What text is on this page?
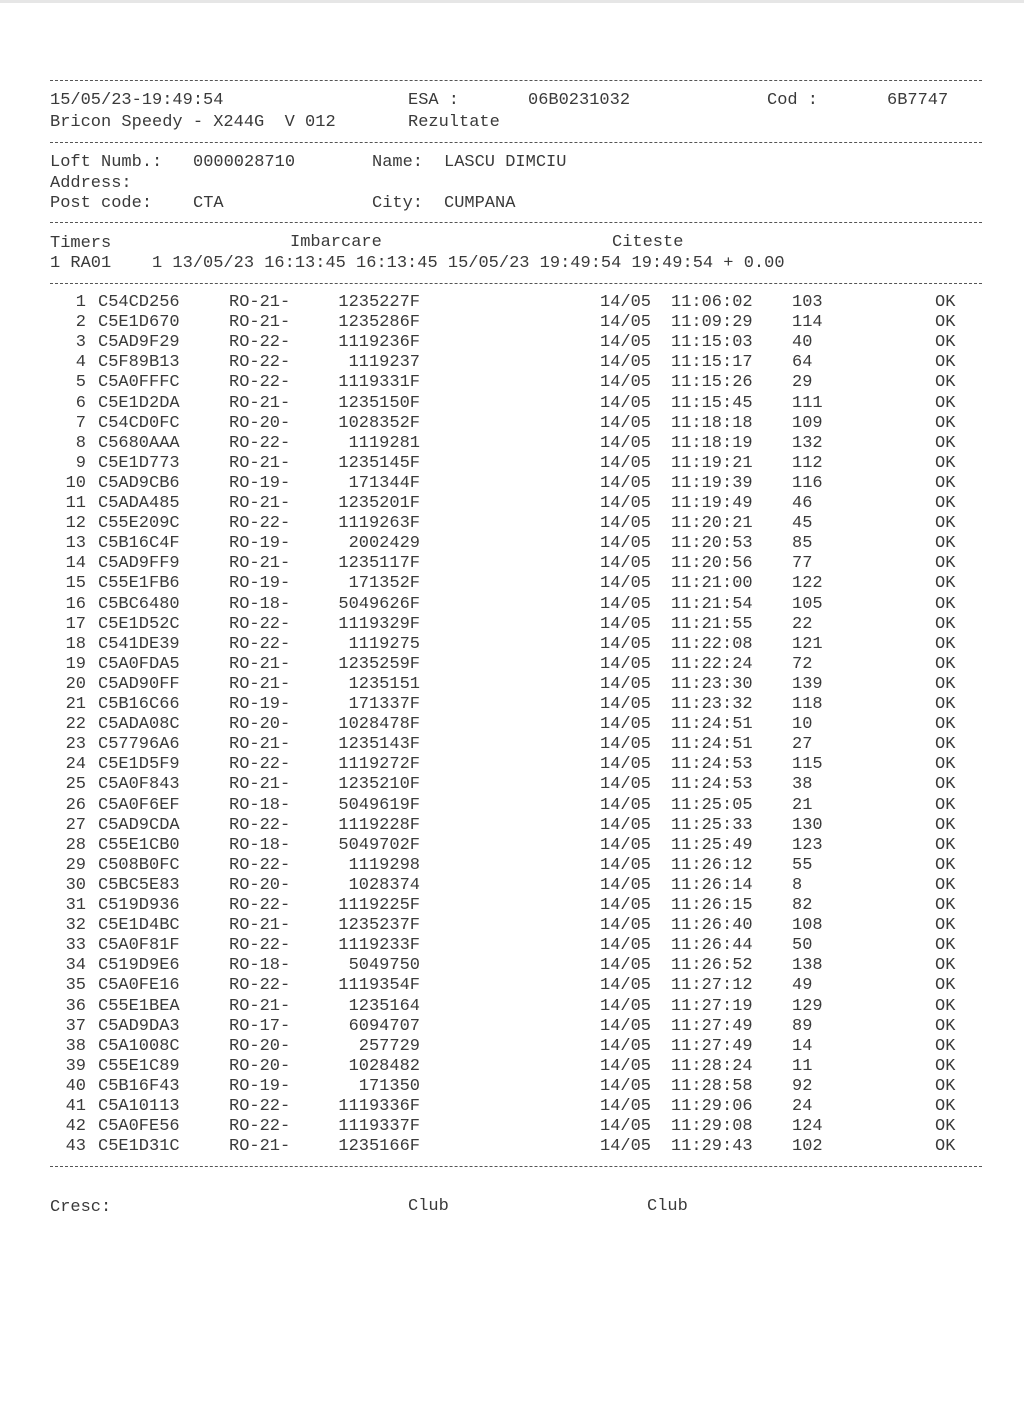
15/05/23-19:49:54	ESA :	06B0231032	Cod :	6B7747
Bricon Speedy - X244G  V 012	Rezultate
Loft Numb.: 0000028710	Name: LASCU DIMCIU
Address:
Post code: CTA	City: CUMPANA
Timers	Imbarcare	Citeste
1 RA01    1 13/05/23 16:13:45 16:13:45 15/05/23 19:49:54 19:49:54 + 0.00
1 C54CD256	RO-21-	1235227F	14/05 11:06:02 103	OK
2 C5E1D670	RO-21-	1235286F	14/05 11:09:29 114	OK
3 C5AD9F29	RO-22-	1119236F	14/05 11:15:03 40	OK
4 C5F89B13	RO-22-	1119237	14/05 11:15:17 64	OK
5 C5A0FFFC	RO-22-	1119331F	14/05 11:15:26 29	OK
6 C5E1D2DA	RO-21-	1235150F	14/05 11:15:45 111	OK
7 C54CD0FC	RO-20-	1028352F	14/05 11:18:18 109	OK
8 C5680AAA	RO-22-	1119281	14/05 11:18:19 132	OK
9 C5E1D773	RO-21-	1235145F	14/05 11:19:21 112	OK
10 C5AD9CB6	RO-19-	171344F	14/05 11:19:39 116	OK
11 C5ADA485	RO-21-	1235201F	14/05 11:19:49 46	OK
12 C55E209C	RO-22-	1119263F	14/05 11:20:21 45	OK
13 C5B16C4F	RO-19-	2002429	14/05 11:20:53 85	OK
14 C5AD9FF9	RO-21-	1235117F	14/05 11:20:56 77	OK
15 C55E1FB6	RO-19-	171352F	14/05 11:21:00 122	OK
16 C5BC6480	RO-18-	5049626F	14/05 11:21:54 105	OK
17 C5E1D52C	RO-22-	1119329F	14/05 11:21:55 22	OK
18 C541DE39	RO-22-	1119275	14/05 11:22:08 121	OK
19 C5A0FDA5	RO-21-	1235259F	14/05 11:22:24 72	OK
20 C5AD90FF	RO-21-	1235151	14/05 11:23:30 139	OK
21 C5B16C66	RO-19-	171337F	14/05 11:23:32 118	OK
22 C5ADA08C	RO-20-	1028478F	14/05 11:24:51 10	OK
23 C57796A6	RO-21-	1235143F	14/05 11:24:51 27	OK
24 C5E1D5F9	RO-22-	1119272F	14/05 11:24:53 115	OK
25 C5A0F843	RO-21-	1235210F	14/05 11:24:53 38	OK
26 C5A0F6EF	RO-18-	5049619F	14/05 11:25:05 21	OK
27 C5AD9CDA	RO-22-	1119228F	14/05 11:25:33 130	OK
28 C55E1CB0	RO-18-	5049702F	14/05 11:25:49 123	OK
29 C508B0FC	RO-22-	1119298	14/05 11:26:12 55	OK
30 C5BC5E83	RO-20-	1028374	14/05 11:26:14 8	OK
31 C519D936	RO-22-	1119225F	14/05 11:26:15 82	OK
32 C5E1D4BC	RO-21-	1235237F	14/05 11:26:40 108	OK
33 C5A0F81F	RO-22-	1119233F	14/05 11:26:44 50	OK
34 C519D9E6	RO-18-	5049750	14/05 11:26:52 138	OK
35 C5A0FE16	RO-22-	1119354F	14/05 11:27:12 49	OK
36 C55E1BEA	RO-21-	1235164	14/05 11:27:19 129	OK
37 C5AD9DA3	RO-17-	6094707	14/05 11:27:49 89	OK
38 C5A1008C	RO-20-	257729	14/05 11:27:49 14	OK
39 C55E1C89	RO-20-	1028482	14/05 11:28:24 11	OK
40 C5B16F43	RO-19-	171350	14/05 11:28:58 92	OK
41 C5A10113	RO-22-	1119336F	14/05 11:29:06 24	OK
42 C5A0FE56	RO-22-	1119337F	14/05 11:29:08 124	OK
43 C5E1D31C	RO-21-	1235166F	14/05 11:29:43 102	OK
Cresc:	Club	Club
